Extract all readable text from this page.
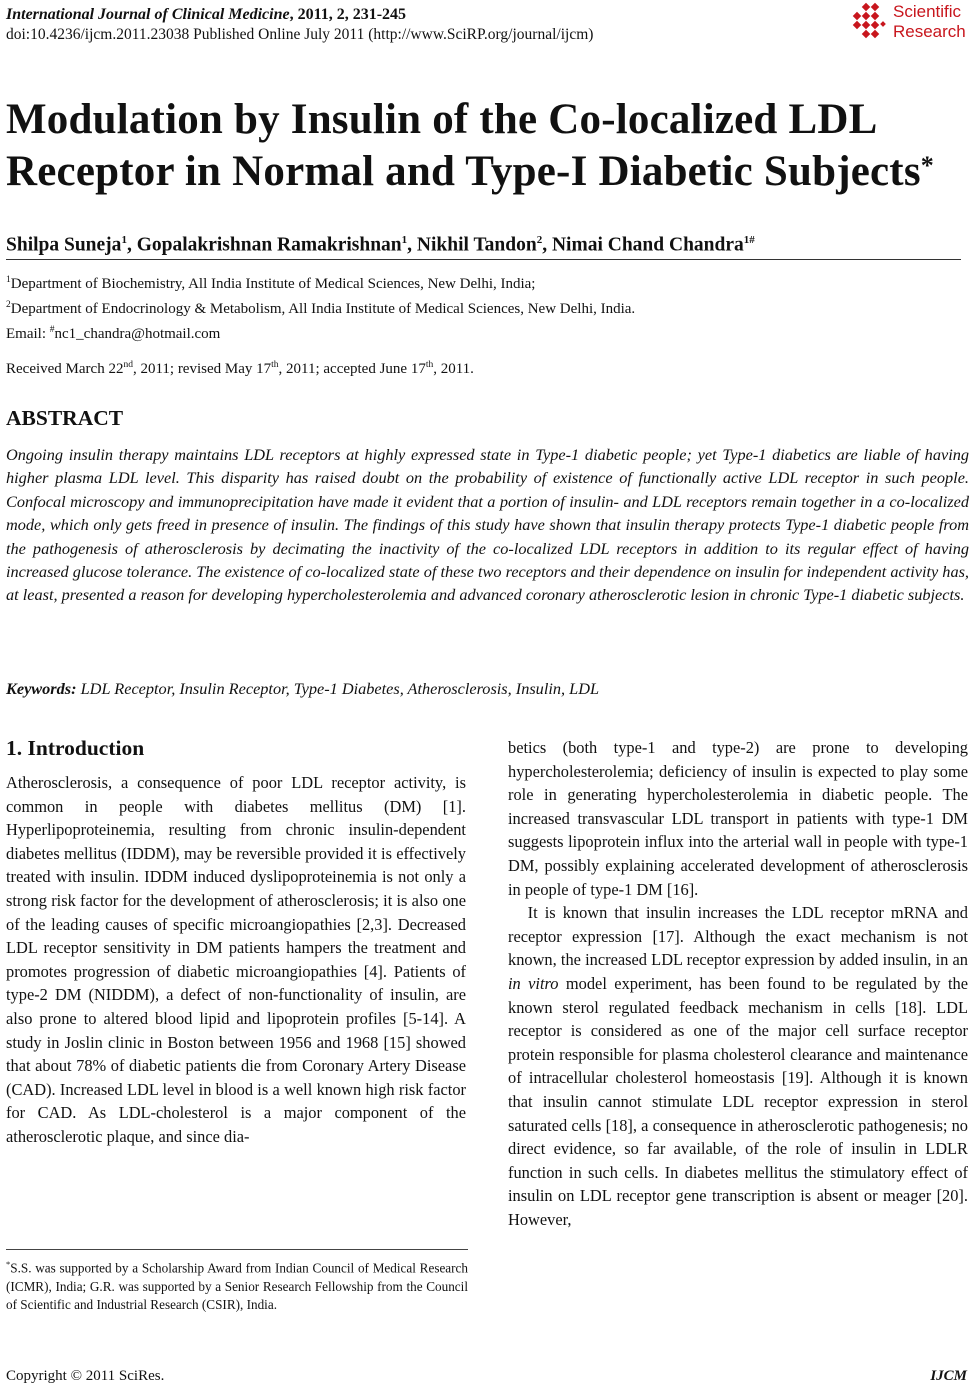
International Journal of Clinical Medicine, 2011, 2, 231-245
doi:10.4236/ijcm.2011.23038 Published Online July 2011 (http://www.SciRP.org/journal/ijcm)
Scientific
Research
Modulation by Insulin of the Co-localized LDL
Receptor in Normal and Type-I Diabetic Subjects*
Shilpa Suneja$^1$, Gopalakrishnan Ramakrishnan$^1$, Nikhil Tandon$^2$, Nimai Chand Chandra$^{1\#}$
$^1$Department of Biochemistry, All India Institute of Medical Sciences, New Delhi, India;
$^2$Department of Endocrinology & Metabolism, All India Institute of Medical Sciences, New Delhi, India.
Email: #nc1_chandra@hotmail.com
Received March 22nd, 2011; revised May 17th, 2011; accepted June 17th, 2011.
ABSTRACT

Ongoing insulin therapy maintains LDL receptors at highly expressed state in Type-1 diabetic people; yet Type-1 diabetics are liable of having higher plasma LDL level. This disparity has raised doubt on the probability of existence of functionally active LDL receptor in such people. Confocal microscopy and immunoprecipitation have made it evident that a portion of insulin- and LDL receptors remain together in a co-localized mode, which only gets freed in presence of insulin. The findings of this study have shown that insulin therapy protects Type-1 diabetic people from the pathogenesis of atherosclerosis by decimating the inactivity of the co-localized LDL receptors in addition to its regular effect of having increased glucose tolerance. The existence of co-localized state of these two receptors and their dependence on insulin for independent activity has, at least, presented a reason for developing hypercholesterolemia and advanced coronary atherosclerotic lesion in chronic Type-1 diabetic subjects.

Keywords: LDL Receptor, Insulin Receptor, Type-1 Diabetes, Atherosclerosis, Insulin, LDL
1. Introduction

Atherosclerosis, a consequence of poor LDL receptor activity, is common in people with diabetes mellitus (DM) [1]. Hyperlipoproteinemia, resulting from chronic insulin-dependent diabetes mellitus (IDDM), may be reversible provided it is effectively treated with insulin. IDDM induced dyslipoproteinemia is not only a strong risk factor for the development of atherosclerosis; it is also one of the leading causes of specific microangiopathies [2,3]. Decreased LDL receptor sensitivity in DM patients hampers the treatment and promotes progression of diabetic microangiopathies [4]. Patients of type-2 DM (NIDDM), a defect of non-functionality of insulin, are also prone to altered blood lipid and lipoprotein profiles [5-14]. A study in Joslin clinic in Boston between 1956 and 1968 [15] showed that about 78% of diabetic patients die from Coronary Artery Disease (CAD). Increased LDL level in blood is a well known high risk factor for CAD. As LDL-cholesterol is a major component of the atherosclerotic plaque, and since dia-

betics (both type-1 and type-2) are prone to developing hypercholesterolemia; deficiency of insulin is expected to play some role in generating hypercholesterolemia in diabetic people. The increased transvascular LDL transport in patients with type-1 DM suggests lipoprotein influx into the arterial wall in people with type-1 DM, possibly explaining accelerated development of atherosclerosis in people of type-1 DM [16].

It is known that insulin increases the LDL receptor mRNA and receptor expression [17]. Although the exact mechanism is not known, the increased LDL receptor expression by added insulin, in an in vitro model experiment, has been found to be regulated by the known sterol regulated feedback mechanism in cells [18]. LDL receptor is considered as one of the major cell surface receptor protein responsible for plasma cholesterol clearance and maintenance of intracellular cholesterol homeostasis [19]. Although it is known that insulin cannot stimulate LDL receptor expression in sterol saturated cells [18], a consequence in atherosclerotic pathogenesis; no direct evidence, so far available, of the role of insulin in LDLR function in such cells. In diabetes mellitus the stimulatory effect of insulin on LDL receptor gene transcription is absent or meager [20]. However,

*S.S. was supported by a Scholarship Award from Indian Council of Medical Research (ICMR), India; G.R. was supported by a Senior Research Fellowship from the Council of Scientific and Industrial Research (CSIR), India.
Copyright © 2011 SciRes.	IJCM
